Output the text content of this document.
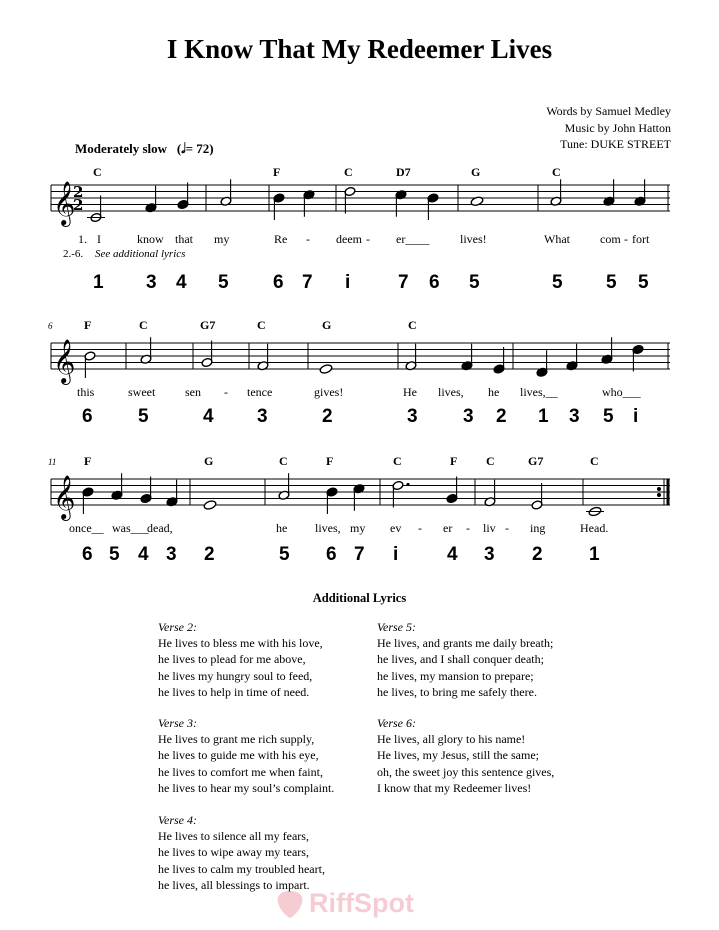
I Know That My Redeemer Lives
Words by Samuel Medley
Music by John Hatton
Tune: DUKE STREET
Moderately slow (𝅗𝅥= 72)
𝄞
𝄞
𝄞
2
2
C	F	C	D7	G	C
I	know that my	Re - deem - er____	lives!	What	com - fort
1 3 4 5 6 7 i	7 6 5	5 5 5
6	F	C	G7	C	G	C
this	sweet sen - tence	gives!	He lives, he lives,__	who___
6 5	4 3	2	3 3 2 1 3 5 i
11 F	G	C	F	C	F C	G7	C
once__ was___
dead,	he lives, my ev - er - liv - ing	Head.
6 5 4 3 2	5 6 7 i	4 3 2 1
1.
2.-6. See additional lyrics
Additional Lyrics
Verse 2:
He lives to bless me with his love,
he lives to plead for me above,
he lives my hungry soul to feed,
he lives to help in time of need.
Verse 3:
He lives to grant me rich supply,
he lives to guide me with his eye,
he lives to comfort me when faint,
he lives to hear my soul’s complaint.
Verse 4:
He lives to silence all my fears,
he lives to wipe away my tears,
he lives to calm my troubled heart,
he lives, all blessings to impart.
Verse 5:
He lives, and grants me daily breath;
he lives, and I shall conquer death;
he lives, my mansion to prepare;
he lives, to bring me safely there.
Verse 6:
He lives, all glory to his name!
He lives, my Jesus, still the same;
oh, the sweet joy this sentence gives,
I know that my Redeemer lives!
RiffSpot
